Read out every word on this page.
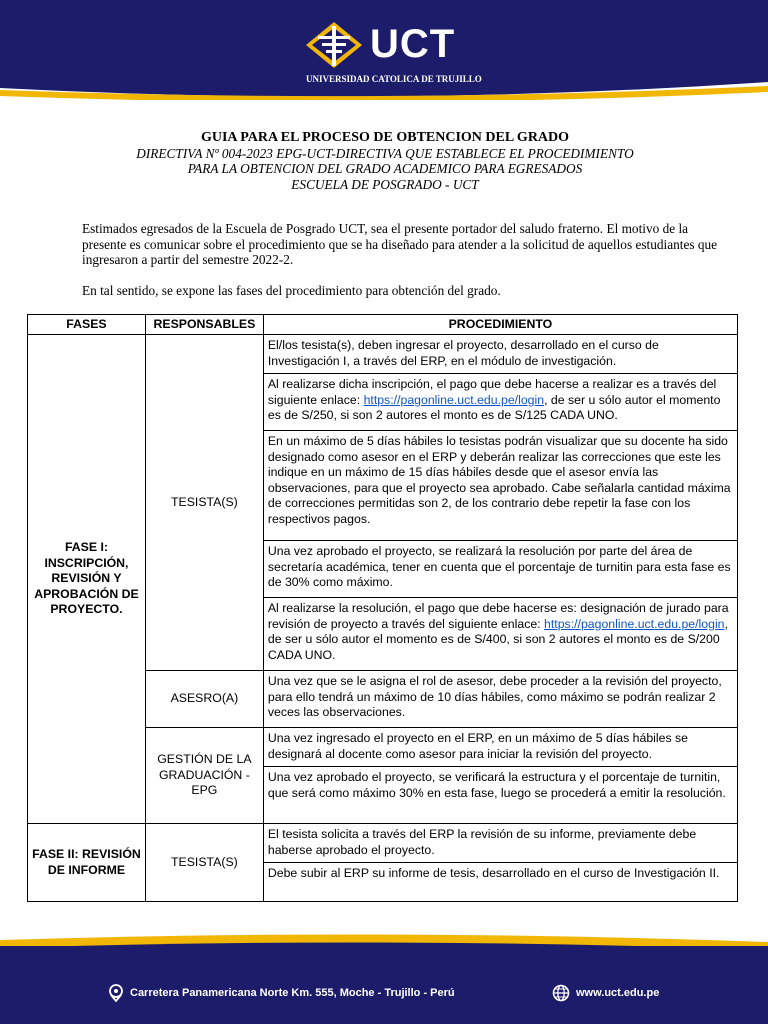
UCT
UNIVERSIDAD CATOLICA DE TRUJILLO
GUIA PARA EL PROCESO DE OBTENCION DEL GRADO
DIRECTIVA Nº 004-2023 EPG-UCT-DIRECTIVA QUE ESTABLECE EL PROCEDIMIENTO PARA LA OBTENCION DEL GRADO ACADEMICO PARA EGRESADOS
ESCUELA DE POSGRADO - UCT

Estimados egresados de la Escuela de Posgrado UCT, sea el presente portador del saludo fraterno. El motivo de la presente es comunicar sobre el procedimiento que se ha diseñado para atender a la solicitud de aquellos estudiantes que ingresaron a partir del semestre 2022-2.

En tal sentido, se expone las fases del procedimiento para obtención del grado.

FASES	RESPONSABLES	PROCEDIMIENTO
FASE I: INSCRIPCIÓN, REVISIÓN Y APROBACIÓN DE PROYECTO.	TESISTA(S)	El/los tesista(s), deben ingresar el proyecto, desarrollado en el curso de Investigación I, a través del ERP, en el módulo de investigación.
		Al realizarse dicha inscripción, el pago que debe hacerse a realizar es a través del siguiente enlace: https://pagonline.uct.edu.pe/login, de ser u sólo autor el momento es de S/250, si son 2 autores el monto es de S/125 CADA UNO.
		En un máximo de 5 días hábiles lo tesistas podrán visualizar que su docente ha sido designado como asesor en el ERP y deberán realizar las correcciones que este les indique en un máximo de 15 días hábiles desde que el asesor envía las observaciones, para que el proyecto sea aprobado. Cabe señalarla cantidad máxima de correcciones permitidas son 2, de los contrario debe repetir la fase con los respectivos pagos.
		Una vez aprobado el proyecto, se realizará la resolución por parte del área de secretaría académica, tener en cuenta que el porcentaje de turnitin para esta fase es de 30% como máximo.
		Al realizarse la resolución, el pago que debe hacerse es: designación de jurado para revisión de proyecto a través del siguiente enlace: https://pagonline.uct.edu.pe/login, de ser u sólo autor el momento es de S/400, si son 2 autores el monto es de S/200 CADA UNO.
	ASESRO(A)	Una vez que se le asigna el rol de asesor, debe proceder a la revisión del proyecto, para ello tendrá un máximo de 10 días hábiles, como máximo se podrán realizar 2 veces las observaciones.
	GESTIÓN DE LA GRADUACIÓN - EPG	Una vez ingresado el proyecto en el ERP, en un máximo de 5 días hábiles se designará al docente como asesor para iniciar la revisión del proyecto.
		Una vez aprobado el proyecto, se verificará la estructura y el porcentaje de turnitin, que será como máximo 30% en esta fase, luego se procederá a emitir la resolución.
FASE II: REVISIÓN DE INFORME	TESISTA(S)	El tesista solicita a través del ERP la revisión de su informe, previamente debe haberse aprobado el proyecto.
		Debe subir al ERP su informe de tesis, desarrollado en el curso de Investigación II.
Carretera Panamericana Norte Km. 555, Moche - Trujillo - Perú	www.uct.edu.pe
